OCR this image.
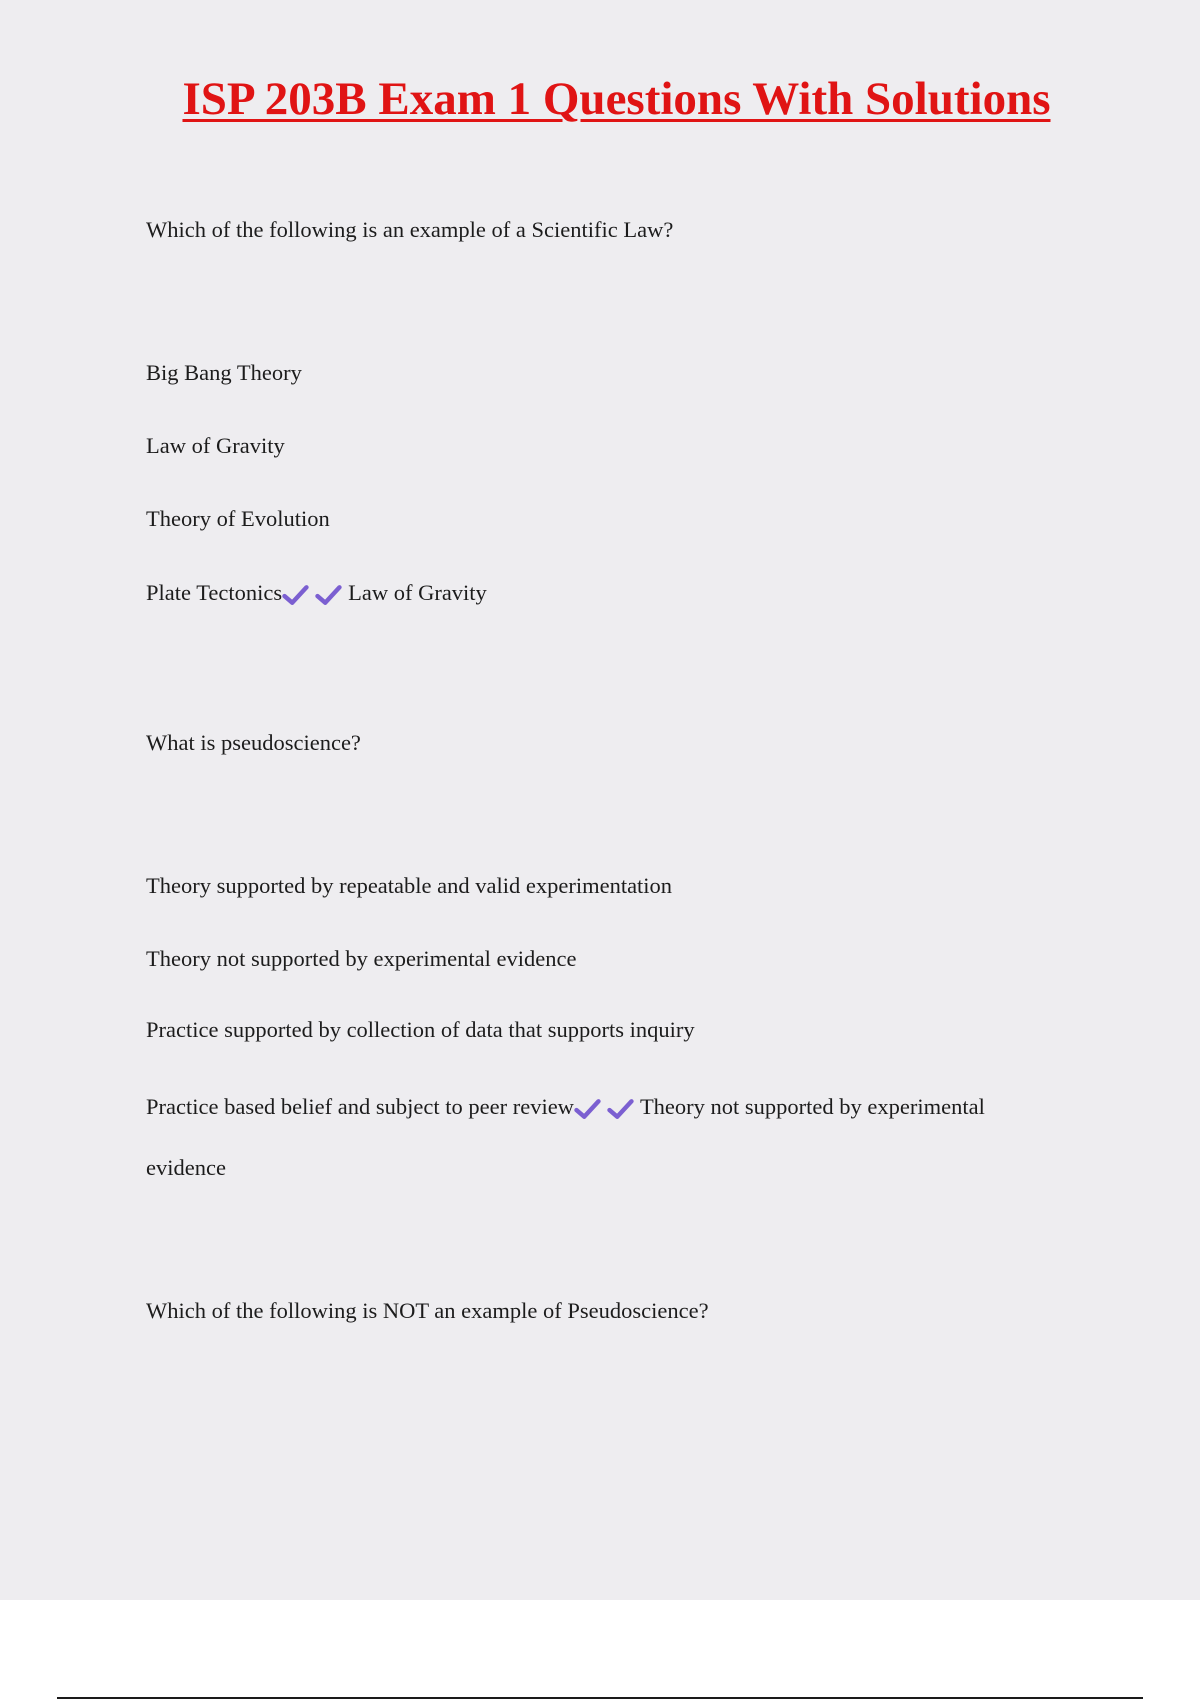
ISP 203B Exam 1 Questions With Solutions
Which of the following is an example of a Scientific Law?
Big Bang Theory
Law of Gravity
Theory of Evolution
Plate Tectonics	Law of Gravity
What is pseudoscience?
Theory supported by repeatable and valid experimentation
Theory not supported by experimental evidence
Practice supported by collection of data that supports inquiry
Practice based belief and subject to peer review	Theory not supported by experimental
evidence
Which of the following is NOT an example of Pseudoscience?
